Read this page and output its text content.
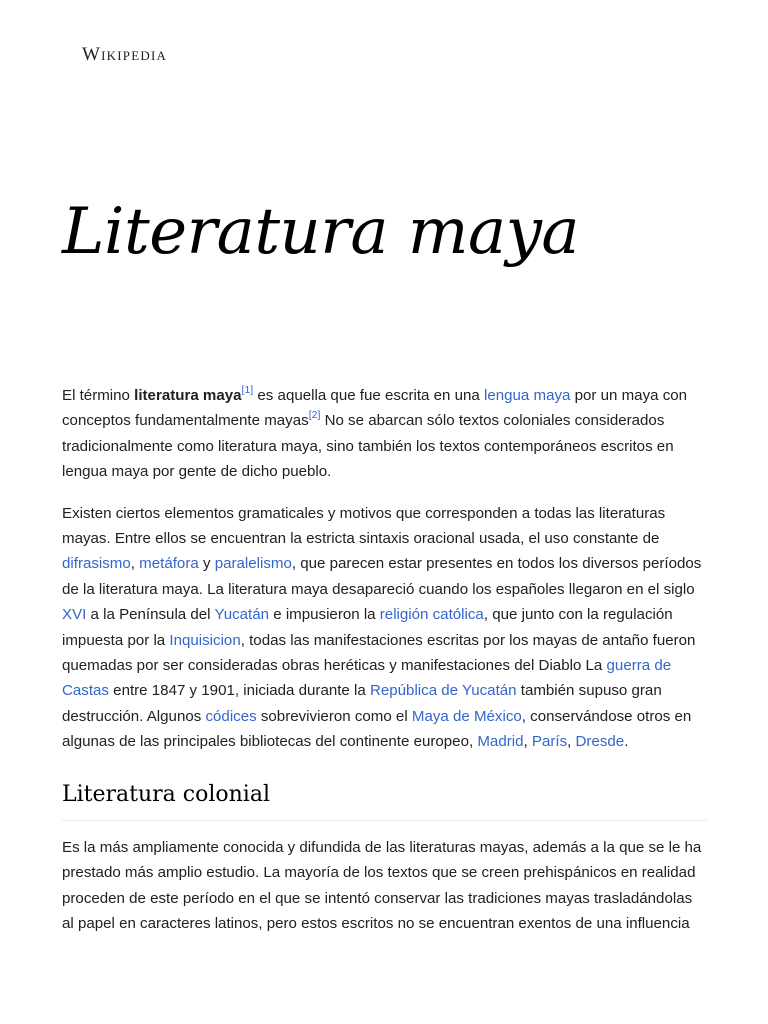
Wikipedia
Literatura maya

El término literatura maya[1] es aquella que fue escrita en una lengua maya por un maya con conceptos fundamentalmente mayas[2] No se abarcan sólo textos coloniales considerados tradicionalmente como literatura maya, sino también los textos contemporáneos escritos en lengua maya por gente de dicho pueblo.

Existen ciertos elementos gramaticales y motivos que corresponden a todas las literaturas mayas. Entre ellos se encuentran la estricta sintaxis oracional usada, el uso constante de difrasismo, metáfora y paralelismo, que parecen estar presentes en todos los diversos períodos de la literatura maya. La literatura maya desapareció cuando los españoles llegaron en el siglo XVI a la Península del Yucatán e impusieron la religión católica, que junto con la regulación impuesta por la Inquisicion, todas las manifestaciones escritas por los mayas de antaño fueron quemadas por ser consideradas obras heréticas y manifestaciones del Diablo La guerra de Castas entre 1847 y 1901, iniciada durante la República de Yucatán también supuso gran destrucción. Algunos códices sobrevivieron como el Maya de México, conservándose otros en algunas de las principales bibliotecas del continente europeo, Madrid, París, Dresde.

Literatura colonial

Es la más ampliamente conocida y difundida de las literaturas mayas, además a la que se le ha prestado más amplio estudio. La mayoría de los textos que se creen prehispánicos en realidad proceden de este período en el que se intentó conservar las tradiciones mayas trasladándolas al papel en caracteres latinos, pero estos escritos no se encuentran exentos de una influencia
